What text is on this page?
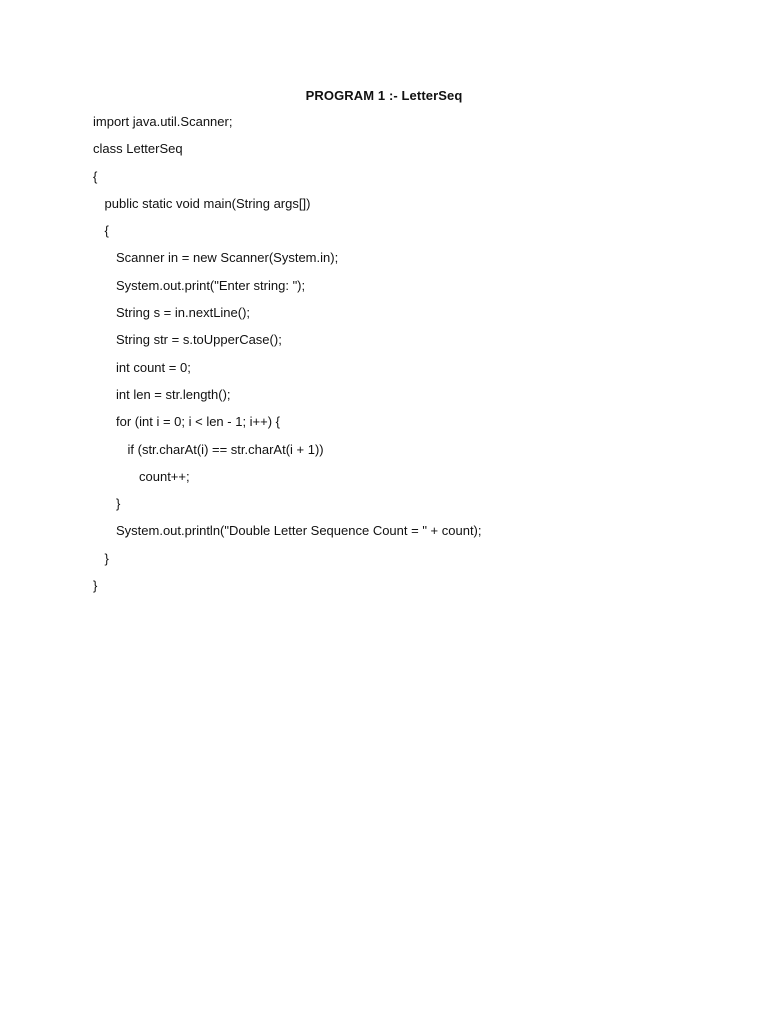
PROGRAM 1 :- LetterSeq
import java.util.Scanner;
class LetterSeq
{
public static void main(String args[])
{
Scanner in = new Scanner(System.in);
System.out.print("Enter string: ");
String s = in.nextLine();
String str = s.toUpperCase();
int count = 0;
int len = str.length();
for (int i = 0; i < len - 1; i++) {
if (str.charAt(i) == str.charAt(i + 1))
count++;
}
System.out.println("Double Letter Sequence Count = " + count);
}
}
